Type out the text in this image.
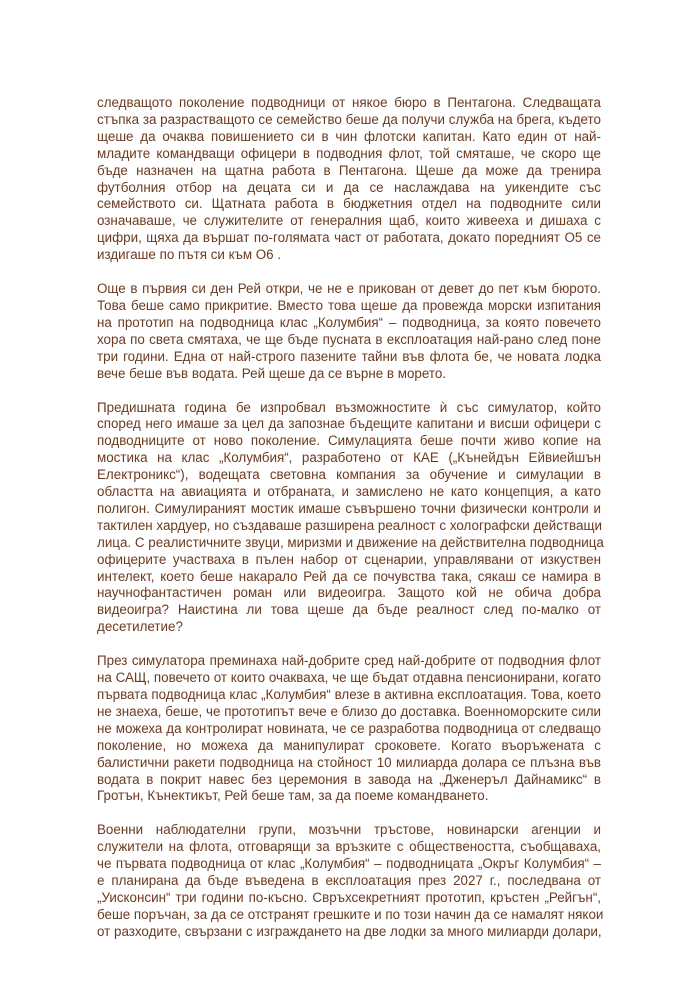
следващото поколение подводници от някое бюро в Пентагона. Следващата
стъпка за разрастващото се семейство беше да получи служба на брега, където
щеше да очаква повишението си в чин флотски капитан. Като един от най-
младите командващи офицери в подводния флот, той смяташе, че скоро ще
бъде назначен на щатна работа в Пентагона. Щеше да може да тренира
футболния отбор на децата си и да се наслаждава на уикендите със
семейството си. Щатната работа в бюджетния отдел на подводните сили
означаваше, че служителите от генералния щаб, които живееха и дишаха с
цифри, щяха да вършат по-голямата част от работата, докато поредният О5 се
издигаше по пътя си към О6 .
Още в първия си ден Рей откри, че не е прикован от девет до пет към бюрото.
Това беше само прикритие. Вместо това щеше да провежда морски изпитания
на прототип на подводница клас „Колумбия“ – подводница, за която повечето
хора по света смятаха, че ще бъде пусната в експлоатация най-рано след поне
три години. Една от най-строго пазените тайни във флота бе, че новата лодка
вече беше във водата. Рей щеше да се върне в морето.
Предишната година бе изпробвал възможностите ѝ със симулатор, който
според него имаше за цел да запознае бъдещите капитани и висши офицери с
подводниците от ново поколение. Симулацията беше почти живо копие на
мостика на клас „Колумбия“, разработено от КАЕ („Кънейдън Ейвиейшън
Електроникс“), водещата световна компания за обучение и симулации в
областта на авиацията и отбраната, и замислено не като концепция, а като
полигон. Симулираният мостик имаше съвършено точни физически контроли и
тактилен хардуер, но създаваше разширена реалност с холографски действащи
лица. С реалистичните звуци, миризми и движение на действителна подводница
офицерите участваха в пълен набор от сценарии, управлявани от изкуствен
интелект, което беше накарало Рей да се почувства така, сякаш се намира в
научнофантастичен роман или видеоигра. Защото кой не обича добра
видеоигра? Наистина ли това щеше да бъде реалност след по-малко от
десетилетие?
През симулатора преминаха най-добрите сред най-добрите от подводния флот
на САЩ, повечето от които очакваха, че ще бъдат отдавна пенсионирани, когато
първата подводница клас „Колумбия“ влезе в активна експлоатация. Това, което
не знаеха, беше, че прототипът вече е близо до доставка. Военноморските сили
не можеха да контролират новината, че се разработва подводница от следващо
поколение, но можеха да манипулират сроковете. Когато въоръжената с
балистични ракети подводница на стойност 10 милиарда долара се плъзна във
водата в покрит навес без церемония в завода на „Дженеръл Дайнамикс“ в
Гротън, Кънектикът, Рей беше там, за да поеме командването.
Военни наблюдателни групи, мозъчни тръстове, новинарски агенции и
служители на флота, отговарящи за връзките с обществеността, съобщаваха,
че първата подводница от клас „Колумбия“ – подводницата „Окръг Колумбия“ –
е планирана да бъде въведена в експлоатация през 2027 г., последвана от
„Уисконсин“ три години по-късно. Свръхсекретният прототип, кръстен „Рейгън“,
беше поръчан, за да се отстранят грешките и по този начин да се намалят някои
от разходите, свързани с изграждането на две лодки за много милиарди долари,
